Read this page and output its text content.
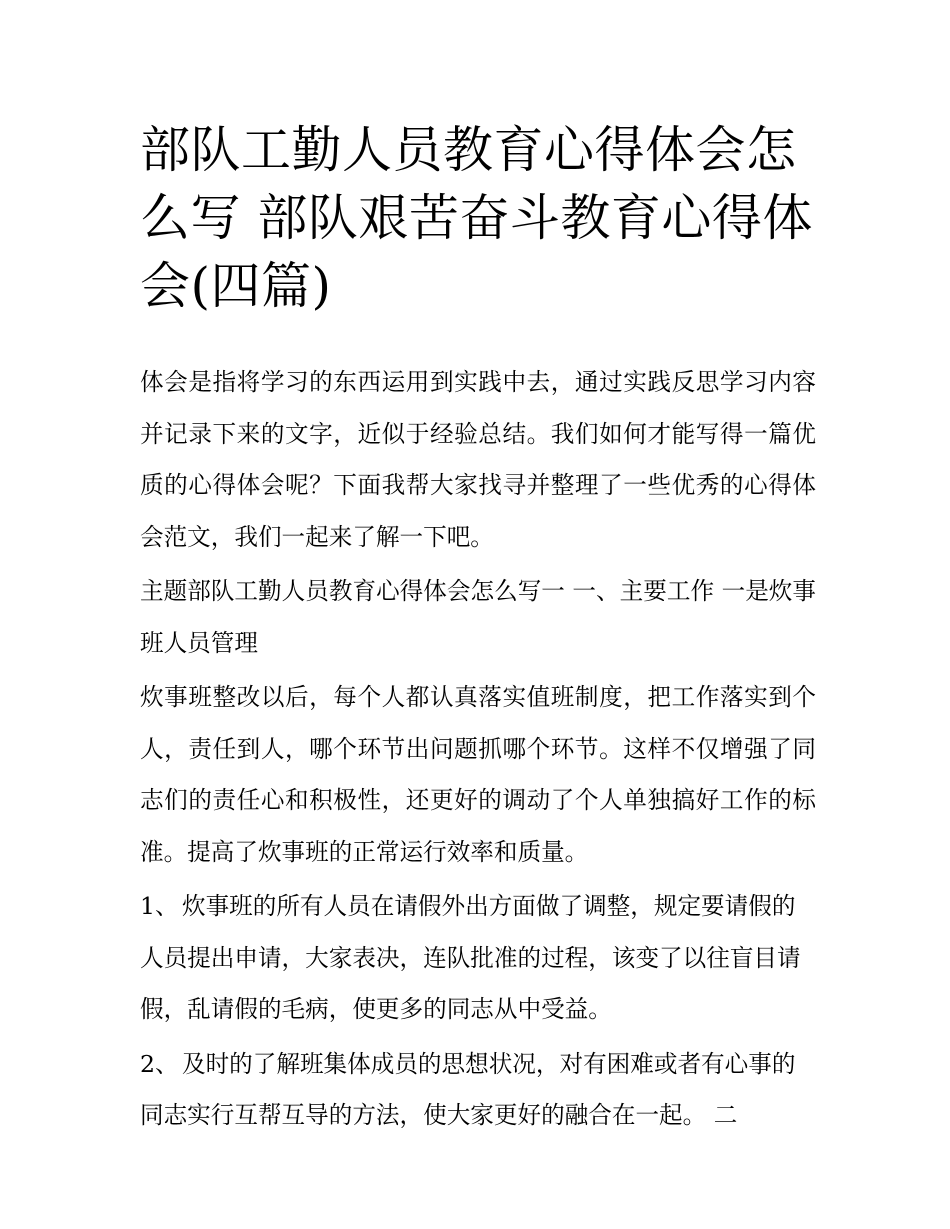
部队工勤人员教育心得体会怎么写 部队艰苦奋斗教育心得体会(四篇)

体会是指将学习的东西运用到实践中去，通过实践反思学习内容并记录下来的文字，近似于经验总结。我们如何才能写得一篇优质的心得体会呢？下面我帮大家找寻并整理了一些优秀的心得体会范文，我们一起来了解一下吧。

主题部队工勤人员教育心得体会怎么写一 一、主要工作 一是炊事班人员管理

炊事班整改以后，每个人都认真落实值班制度，把工作落实到个人，责任到人，哪个环节出问题抓哪个环节。这样不仅增强了同志们的责任心和积极性，还更好的调动了个人单独搞好工作的标准。提高了炊事班的正常运行效率和质量。

1、 炊事班的所有人员在请假外出方面做了调整，规定要请假的人员提出申请，大家表决，连队批准的过程，该变了以往盲目请假，乱请假的毛病，使更多的同志从中受益。

2、 及时的了解班集体成员的思想状况，对有困难或者有心事的同志实行互帮互导的方法，使大家更好的融合在一起。 二
